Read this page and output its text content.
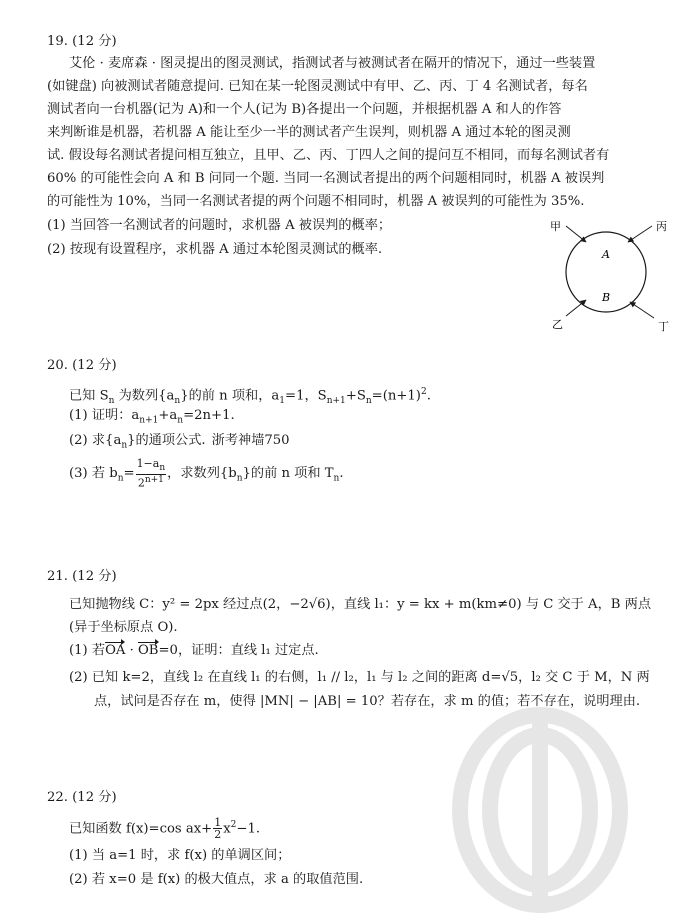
19. (12 分)
艾伦 · 麦席森 · 图灵提出的图灵测试，指测试者与被测试者在隔开的情况下，通过一些装置
(如键盘) 向被测试者随意提问. 已知在某一轮图灵测试中有甲、乙、丙、丁 4 名测试者，每名
测试者向一台机器(记为 A)和一个人(记为 B)各提出一个问题，并根据机器 A 和人的作答
来判断谁是机器，若机器 A 能让至少一半的测试者产生误判，则机器 A 通过本轮的图灵测
试. 假设每名测试者提问相互独立，且甲、乙、丙、丁四人之间的提问互不相同，而每名测试者有
60% 的可能性会向 A 和 B 问同一个题. 当同一名测试者提出的两个问题相同时，机器 A 被误判
的可能性为 10%，当同一名测试者提的两个问题不相同时，机器 A 被误判的可能性为 35%.
(1) 当回答一名测试者的问题时，求机器 A 被误判的概率；
(2) 按现有设置程序，求机器 A 通过本轮图灵测试的概率.
甲	丙
乙	丁
A
B
20. (12 分)
已知 $S_n$ 为数列$\{a_n\}$的前 n 项和，$a_1=1$，$S_{n+1}+S_n=(n+1)^2$.
(1) 证明：$a_{n+1}+a_n=2n+1$.
(2) 求$\{a_n\}$的通项公式. 浙考神墙750
(3) 若 $b_n= \frac{1-a_n}{2^{n+1}}$ ，求数列$\{b_n\}$的前 n 项和 $T_n$.
21. (12 分)
已知抛物线 C：y² = 2px 经过点(2，−2√6)，直线 l₁：y = kx + m(km≠0) 与 C 交于 A，B 两点
(异于坐标原点 O).
(1) 若OA · OB=0，证明：直线 l₁ 过定点.
(2) 已知 k=2，直线 l₂ 在直线 l₁ 的右侧，l₁ // l₂，l₁ 与 l₂ 之间的距离 d=√5，l₂ 交 C 于 M，N 两
点，试问是否存在 m，使得 |MN| − |AB| = 10？若存在，求 m 的值；若不存在，说明理由.
22. (12 分)
已知函数 f(x)=cos $ax+ \frac{1}{2} x^2-1$.
(1) 当 a=1 时，求 f(x) 的单调区间；
(2) 若 x=0 是 f(x) 的极大值点，求 a 的取值范围.
